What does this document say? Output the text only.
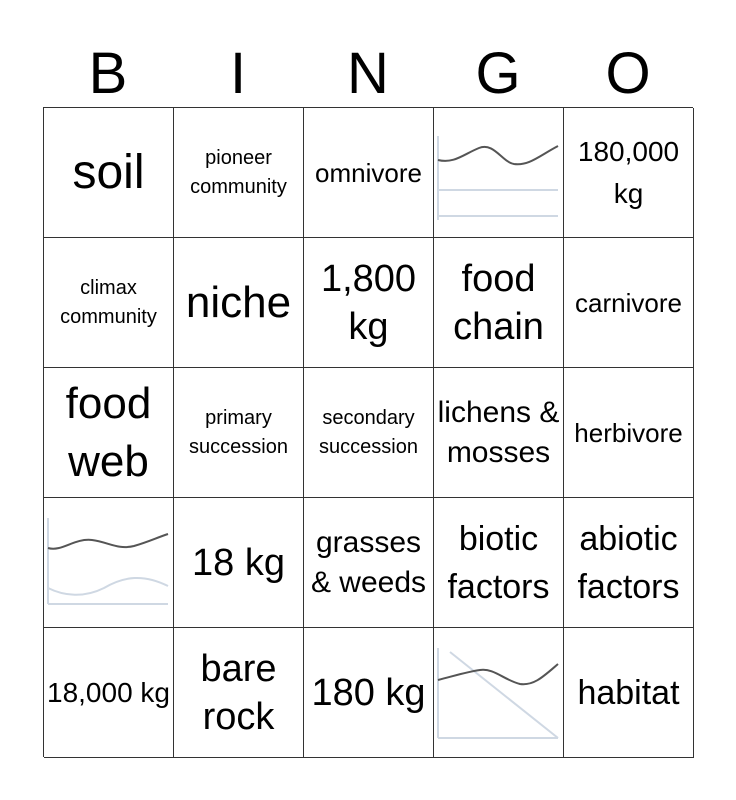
B	I	N	G	O
soil	pioneer community	omnivore
180,000 kg
climax community niche 1,800 kg
food chain
carnivore
food web
primary succession
secondary succession
lichens & mosses
herbivore
18 kg	grasses & weeds
biotic factors
abiotic factors
18,000 kg
bare rock
180 kg	habitat
